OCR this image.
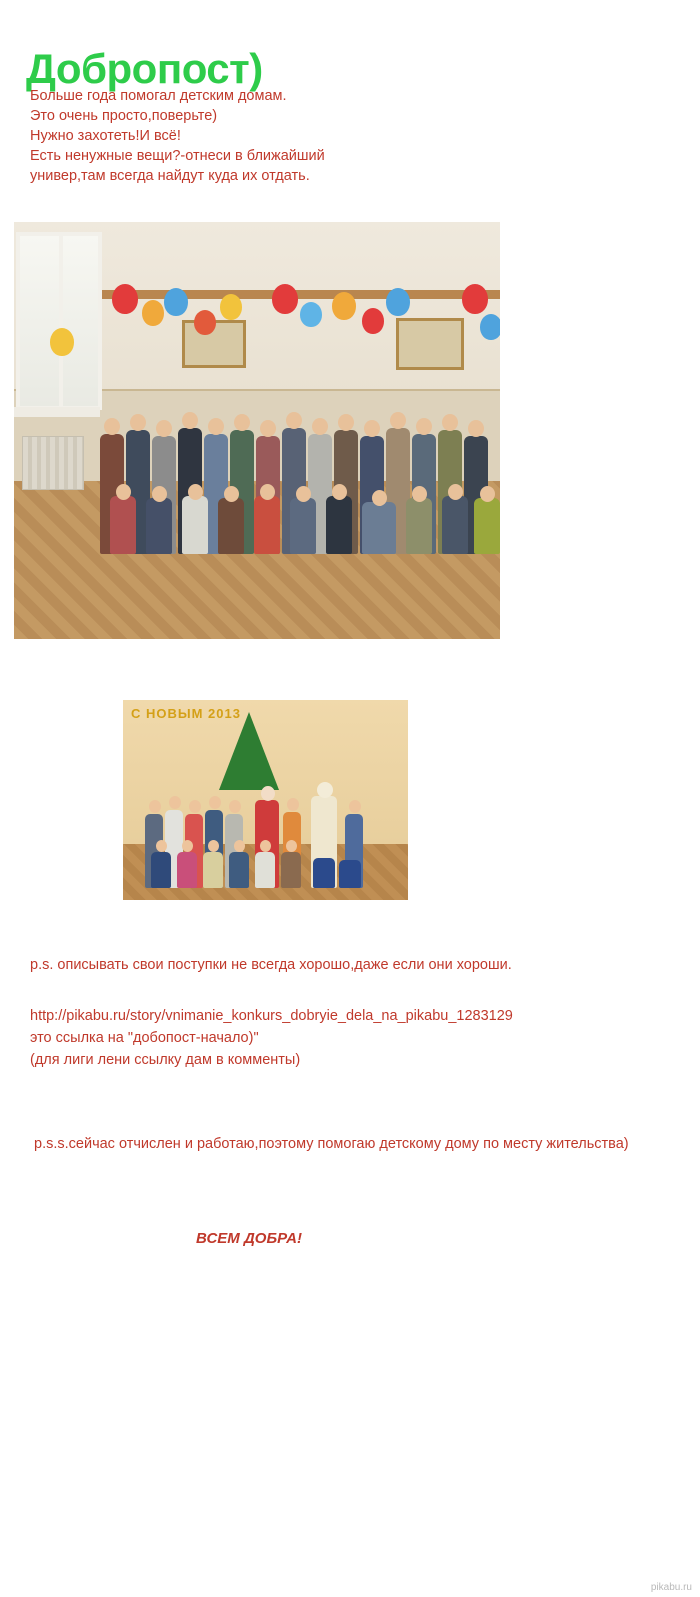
Добропост)
Больше года помогал детским домам.
Это очень просто,поверьте)
Нужно захотеть!И всё!
Есть ненужные вещи?-отнеси в ближайший
универ,там всегда найдут куда их отдать.
С НОВЫМ 2013
p.s. описывать свои поступки не всегда хорошо,даже если они хороши.
http://pikabu.ru/story/vnimanie_konkurs_dobryie_dela_na_pikabu_1283129
это ссылка на "добопост-начало)"
(для лиги лени ссылку дам в комменты)
p.s.s.сейчас отчислен и работаю,поэтому помогаю детскому дому по месту жительства)
ВСЕМ ДОБРА!
pikabu.ru
